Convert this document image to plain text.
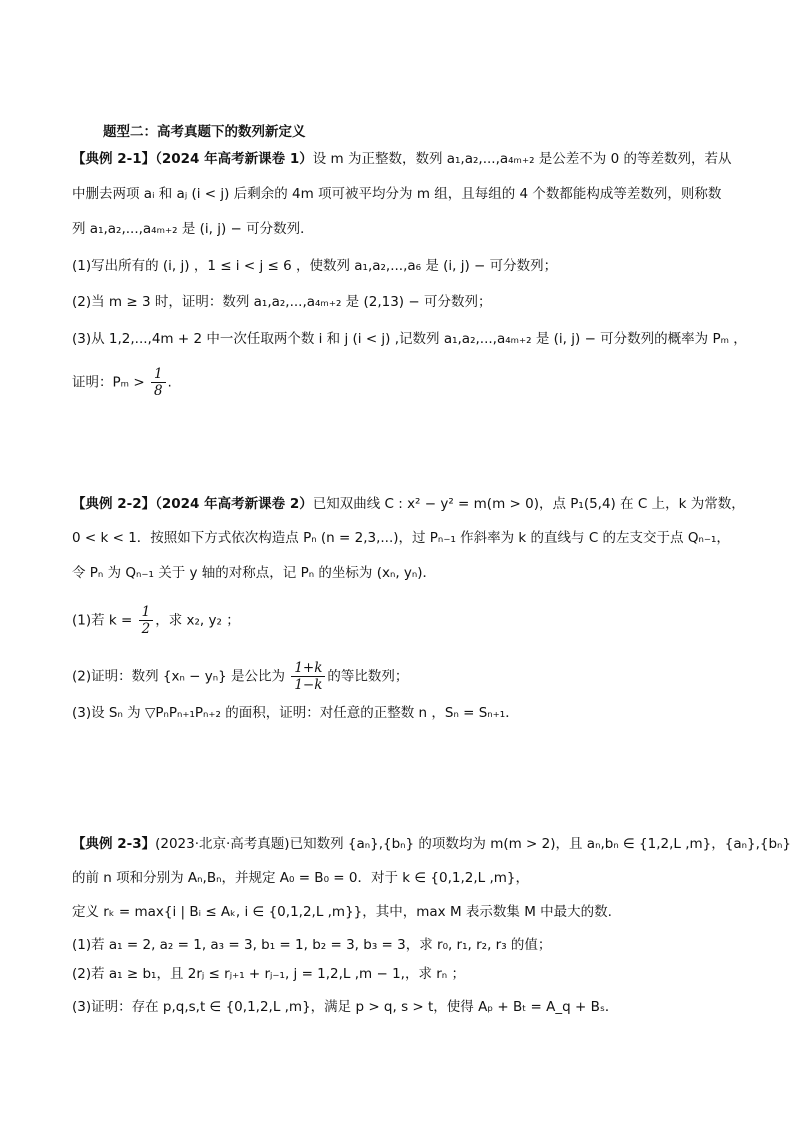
题型二：高考真题下的数列新定义
【典例 2-1】（2024 年高考新课卷 1）设 m 为正整数，数列 a₁,a₂,...,a₄ₘ₊₂ 是公差不为 0 的等差数列，若从
中删去两项 aᵢ 和 aⱼ (i < j) 后剩余的 4m 项可被平均分为 m 组，且每组的 4 个数都能构成等差数列，则称数
列 a₁,a₂,...,a₄ₘ₊₂ 是 (i, j) − 可分数列．
(1)写出所有的 (i, j) ，1 ≤ i < j ≤ 6 ，使数列 a₁,a₂,...,a₆ 是 (i, j) − 可分数列；
(2)当 m ≥ 3 时，证明：数列 a₁,a₂,...,a₄ₘ₊₂ 是 (2,13) − 可分数列；
(3)从 1,2,...,4m + 2 中一次任取两个数 i 和 j (i < j) ,记数列 a₁,a₂,...,a₄ₘ₊₂ 是 (i, j) − 可分数列的概率为 Pₘ ，
证明：$P_m > \frac{1}{8}$ .
【典例 2-2】（2024 年高考新课卷 2）已知双曲线 C : x² − y² = m(m > 0)，点 P₁(5,4) 在 C 上，k 为常数，
0 < k < 1．按照如下方式依次构造点 Pₙ (n = 2,3,...)，过 Pₙ₋₁ 作斜率为 k 的直线与 C 的左支交于点 Qₙ₋₁，
令 Pₙ 为 Qₙ₋₁ 关于 y 轴的对称点，记 Pₙ 的坐标为 (xₙ, yₙ)．
(1)若 $k = \frac{1}{2}$ ，求 x₂, y₂ ；
(2)证明：数列 {xₙ − yₙ} 是公比为 $\frac{1+k}{1-k}$ 的等比数列；
(3)设 Sₙ 为 ▽PₙPₙ₊₁Pₙ₊₂ 的面积，证明：对任意的正整数 n ，Sₙ = Sₙ₊₁．
【典例 2-3】(2023·北京·高考真题)已知数列 {aₙ},{bₙ} 的项数均为 m(m > 2)，且 aₙ,bₙ ∈ {1,2,L ,m}，{aₙ},{bₙ}
的前 n 项和分别为 Aₙ,Bₙ，并规定 A₀ = B₀ = 0．对于 k ∈ {0,1,2,L ,m}，
定义 rₖ = max{i | Bᵢ ≤ Aₖ, i ∈ {0,1,2,L ,m}}，其中，max M 表示数集 M 中最大的数.
(1)若 a₁ = 2, a₂ = 1, a₃ = 3, b₁ = 1, b₂ = 3, b₃ = 3，求 r₀, r₁, r₂, r₃ 的值；
(2)若 a₁ ≥ b₁，且 2rⱼ ≤ rⱼ₊₁ + rⱼ₋₁, j = 1,2,L ,m − 1,，求 rₙ ；
(3)证明：存在 p,q,s,t ∈ {0,1,2,L ,m}，满足 p > q, s > t，使得 Aₚ + Bₜ = A_q + Bₛ．
